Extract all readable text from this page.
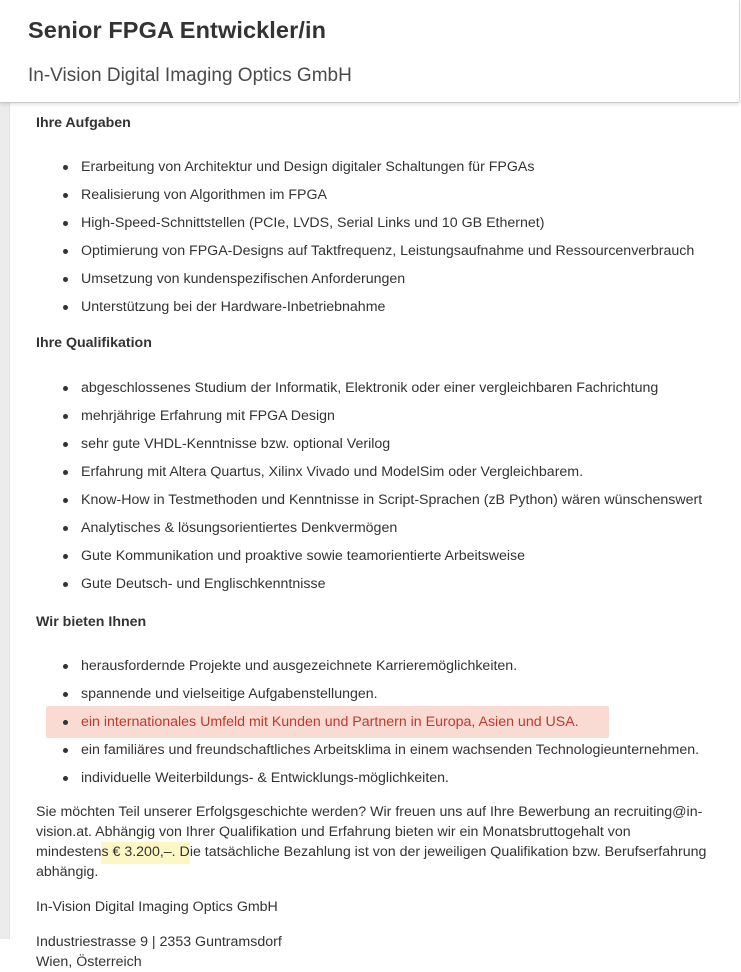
Senior FPGA Entwickler/in
In-Vision Digital Imaging Optics GmbH
Ihre Aufgaben
Erarbeitung von Architektur und Design digitaler Schaltungen für FPGAs
Realisierung von Algorithmen im FPGA
High-Speed-Schnittstellen (PCIe, LVDS, Serial Links und 10 GB Ethernet)
Optimierung von FPGA-Designs auf Taktfrequenz, Leistungsaufnahme und Ressourcenverbrauch
Umsetzung von kundenspezifischen Anforderungen
Unterstützung bei der Hardware-Inbetriebnahme
Ihre Qualifikation
abgeschlossenes Studium der Informatik, Elektronik oder einer vergleichbaren Fachrichtung
mehrjährige Erfahrung mit FPGA Design
sehr gute VHDL-Kenntnisse bzw. optional Verilog
Erfahrung mit Altera Quartus, Xilinx Vivado und ModelSim oder Vergleichbarem.
Know-How in Testmethoden und Kenntnisse in Script-Sprachen (zB Python) wären wünschenswert
Analytisches & lösungsorientiertes Denkvermögen
Gute Kommunikation und proaktive sowie teamorientierte Arbeitsweise
Gute Deutsch- und Englischkenntnisse
Wir bieten Ihnen
herausfordernde Projekte und ausgezeichnete Karrieremöglichkeiten.
spannende und vielseitige Aufgabenstellungen.
ein internationales Umfeld mit Kunden und Partnern in Europa, Asien und USA.
ein familiäres und freundschaftliches Arbeitsklima in einem wachsenden Technologieunternehmen.
individuelle Weiterbildungs- & Entwicklungs-möglichkeiten.

Sie möchten Teil unserer Erfolgsgeschichte werden? Wir freuen uns auf Ihre Bewerbung an recruiting@in-

vision.at. Abhängig von Ihrer Qualifikation und Erfahrung bieten wir ein Monatsbruttogehalt von

mindestens € 3.200,–. Die tatsächliche Bezahlung ist von der jeweiligen Qualifikation bzw. Berufserfahrung

abhängig.

In-Vision Digital Imaging Optics GmbH

Industriestrasse 9 | 2353 Guntramsdorf

Wien, Österreich
